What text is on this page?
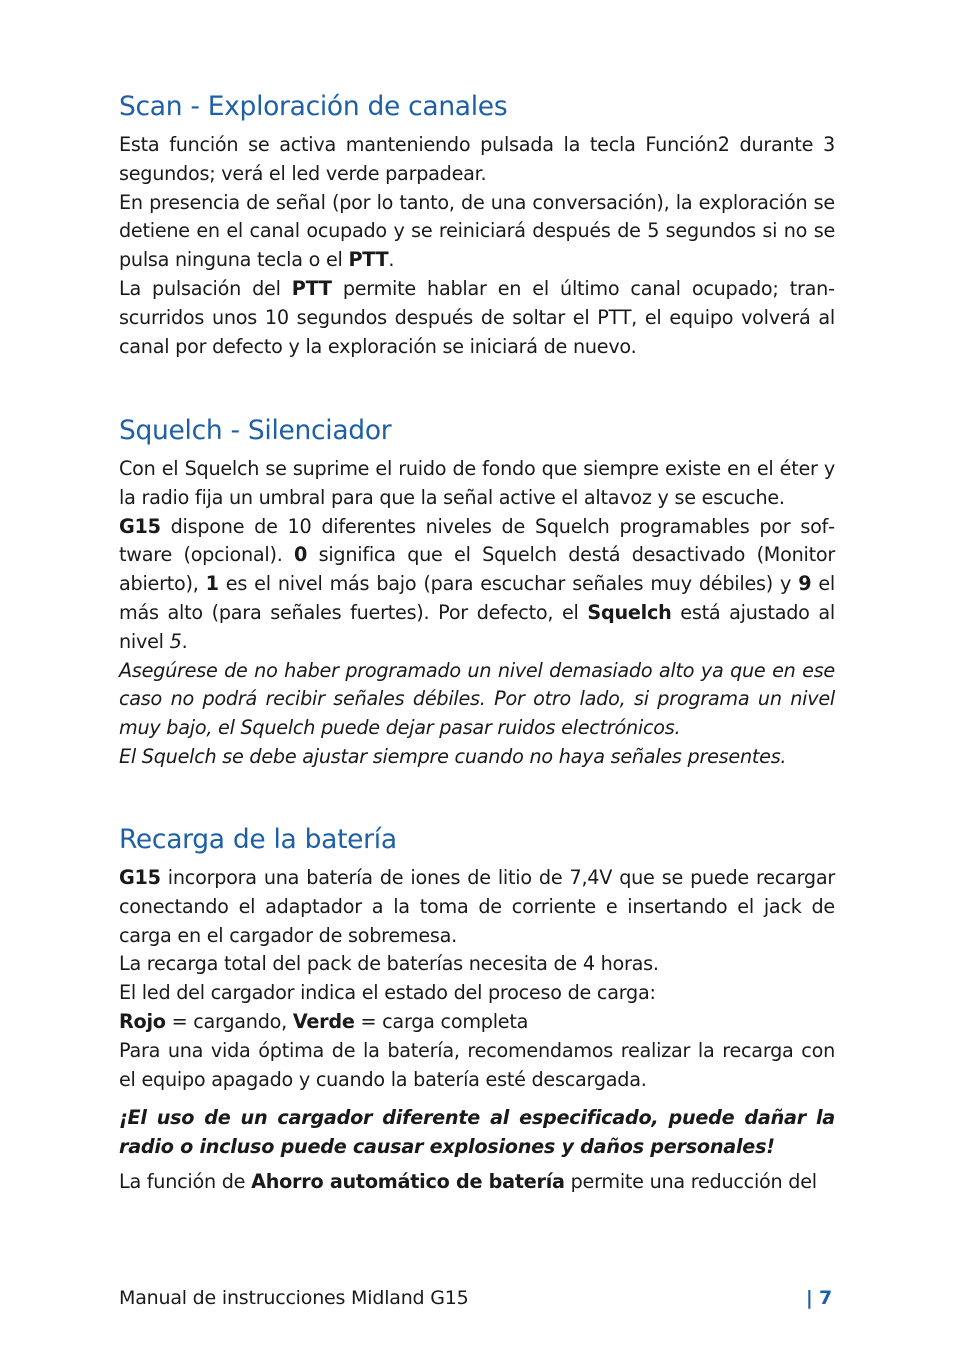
Scan - Exploración de canales

Esta función se activa manteniendo pulsada la tecla Función2 durante 3 segundos; verá el led verde parpadear.

En presencia de señal (por lo tanto, de una conversación), la exploración se detiene en el canal ocupado y se reiniciará después de 5 segundos si no se pulsa ninguna tecla o el PTT.

La pulsación del PTT permite hablar en el último canal ocupado; transcurridos unos 10 segundos después de soltar el PTT, el equipo volverá al canal por defecto y la exploración se iniciará de nuevo.

Squelch - Silenciador

Con el Squelch se suprime el ruido de fondo que siempre existe en el éter y la radio fija un umbral para que la señal active el altavoz y se escuche.

G15 dispone de 10 diferentes niveles de Squelch programables por software (opcional). 0 significa que el Squelch destá desactivado (Monitor abierto), 1 es el nivel más bajo (para escuchar señales muy débiles) y 9 el más alto (para señales fuertes). Por defecto, el Squelch está ajustado al nivel 5.

Asegúrese de no haber programado un nivel demasiado alto ya que en ese caso no podrá recibir señales débiles. Por otro lado, si programa un nivel muy bajo, el Squelch puede dejar pasar ruidos electrónicos.

El Squelch se debe ajustar siempre cuando no haya señales presentes.

Recarga de la batería

G15 incorpora una batería de iones de litio de 7,4V que se puede recargar conectando el adaptador a la toma de corriente e insertando el jack de carga en el cargador de sobremesa.

La recarga total del pack de baterías necesita de 4 horas.

El led del cargador indica el estado del proceso de carga:

Rojo = cargando, Verde = carga completa

Para una vida óptima de la batería, recomendamos realizar la recarga con el equipo apagado y cuando la batería esté descargada.

¡El uso de un cargador diferente al especificado, puede dañar la radio o incluso puede causar explosiones y daños personales!

La función de Ahorro automático de batería permite una reducción del

Manual de instrucciones Midland G15	| 7
